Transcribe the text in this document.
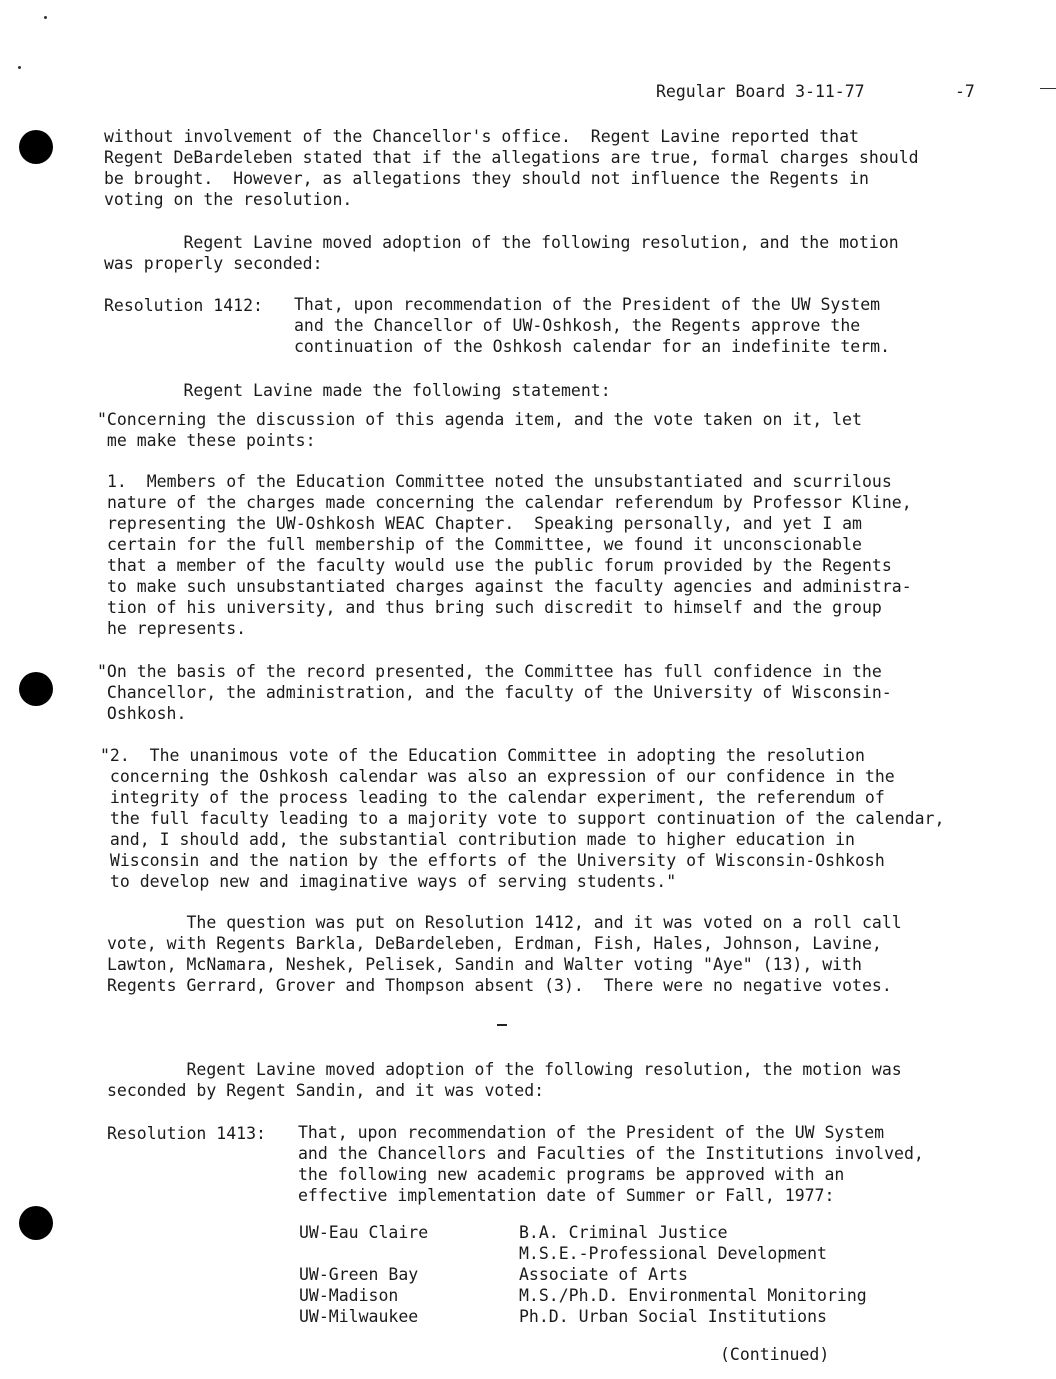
Regular Board 3-11-77	-7
without involvement of the Chancellor's office.  Regent Lavine reported that
Regent DeBardeleben stated that if the allegations are true, formal charges should
be brought.  However, as allegations they should not influence the Regents in
voting on the resolution.
Regent Lavine moved adoption of the following resolution, and the motion
was properly seconded:
Resolution 1412: That, upon recommendation of the President of the UW System
and the Chancellor of UW-Oshkosh, the Regents approve the
continuation of the Oshkosh calendar for an indefinite term.
Regent Lavine made the following statement:
"Concerning the discussion of this agenda item, and the vote taken on it, let
me make these points:
1.  Members of the Education Committee noted the unsubstantiated and scurrilous
nature of the charges made concerning the calendar referendum by Professor Kline,
representing the UW-Oshkosh WEAC Chapter.  Speaking personally, and yet I am
certain for the full membership of the Committee, we found it unconscionable
that a member of the faculty would use the public forum provided by the Regents
to make such unsubstantiated charges against the faculty agencies and administra-
tion of his university, and thus bring such discredit to himself and the group
he represents.
"On the basis of the record presented, the Committee has full confidence in the
Chancellor, the administration, and the faculty of the University of Wisconsin-
Oshkosh.
"2.  The unanimous vote of the Education Committee in adopting the resolution
concerning the Oshkosh calendar was also an expression of our confidence in the
integrity of the process leading to the calendar experiment, the referendum of
the full faculty leading to a majority vote to support continuation of the calendar,
and, I should add, the substantial contribution made to higher education in
Wisconsin and the nation by the efforts of the University of Wisconsin-Oshkosh
to develop new and imaginative ways of serving students."
The question was put on Resolution 1412, and it was voted on a roll call
vote, with Regents Barkla, DeBardeleben, Erdman, Fish, Hales, Johnson, Lavine,
Lawton, McNamara, Neshek, Pelisek, Sandin and Walter voting "Aye" (13), with
Regents Gerrard, Grover and Thompson absent (3).  There were no negative votes.
Regent Lavine moved adoption of the following resolution, the motion was
seconded by Regent Sandin, and it was voted:
Resolution 1413: That, upon recommendation of the President of the UW System
and the Chancellors and Faculties of the Institutions involved,
the following new academic programs be approved with an
effective implementation date of Summer or Fall, 1977:
UW-Eau Claire	B.A. Criminal Justice
	M.S.E.-Professional Development
UW-Green Bay	Associate of Arts
UW-Madison	M.S./Ph.D. Environmental Monitoring
UW-Milwaukee	Ph.D. Urban Social Institutions
(Continued)
